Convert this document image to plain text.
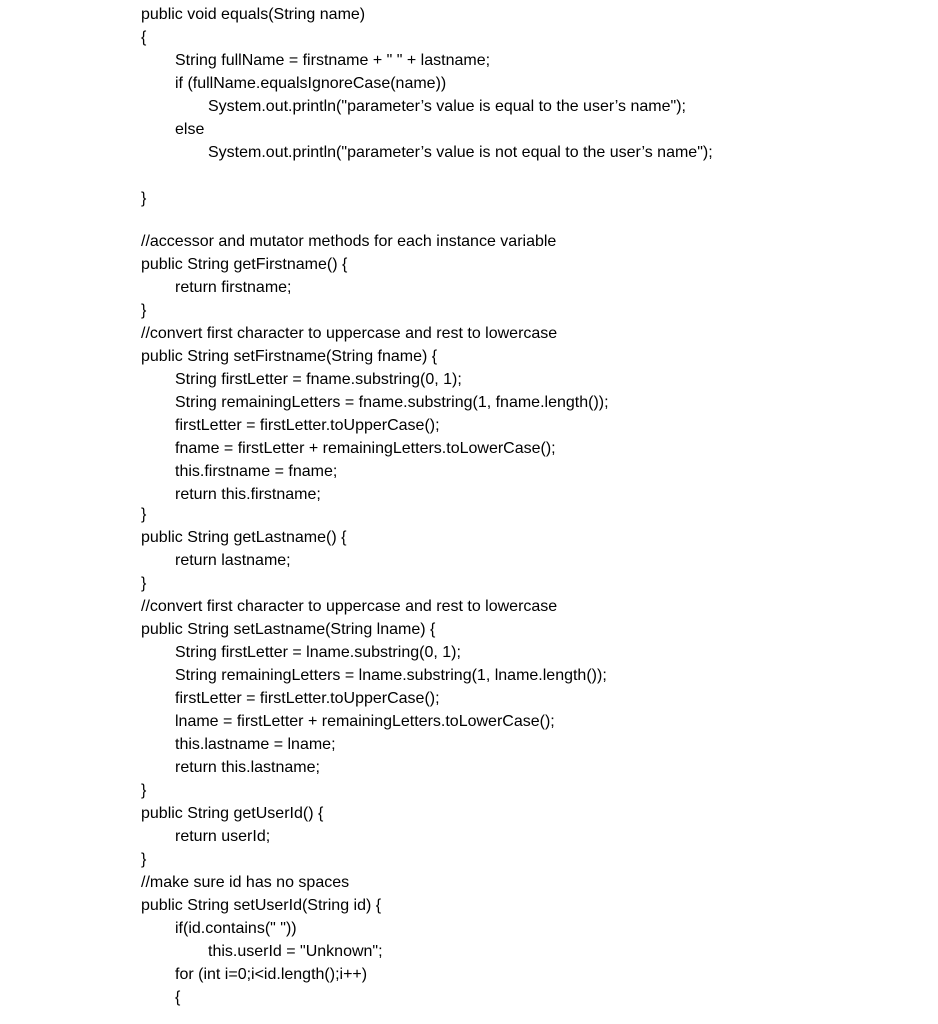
public void equals(String name)
{
String fullName = firstname + " " + lastname;
if (fullName.equalsIgnoreCase(name))
System.out.println("parameter’s value is equal to the user’s name");
else
System.out.println("parameter’s value is not equal to the user’s name");
}
//accessor and mutator methods for each instance variable
public String getFirstname() {
return firstname;
}
//convert first character to uppercase and rest to lowercase
public String setFirstname(String fname) {
String firstLetter = fname.substring(0, 1);
String remainingLetters = fname.substring(1, fname.length());
firstLetter = firstLetter.toUpperCase();
fname = firstLetter + remainingLetters.toLowerCase();
this.firstname = fname;
return this.firstname;
}
public String getLastname() {
return lastname;
}
//convert first character to uppercase and rest to lowercase
public String setLastname(String lname) {
String firstLetter = lname.substring(0, 1);
String remainingLetters = lname.substring(1, lname.length());
firstLetter = firstLetter.toUpperCase();
lname = firstLetter + remainingLetters.toLowerCase();
this.lastname = lname;
return this.lastname;
}
public String getUserId() {
return userId;
}
//make sure id has no spaces
public String setUserId(String id) {
if(id.contains(" "))
this.userId = "Unknown";
for (int i=0;i<id.length();i++)
{
